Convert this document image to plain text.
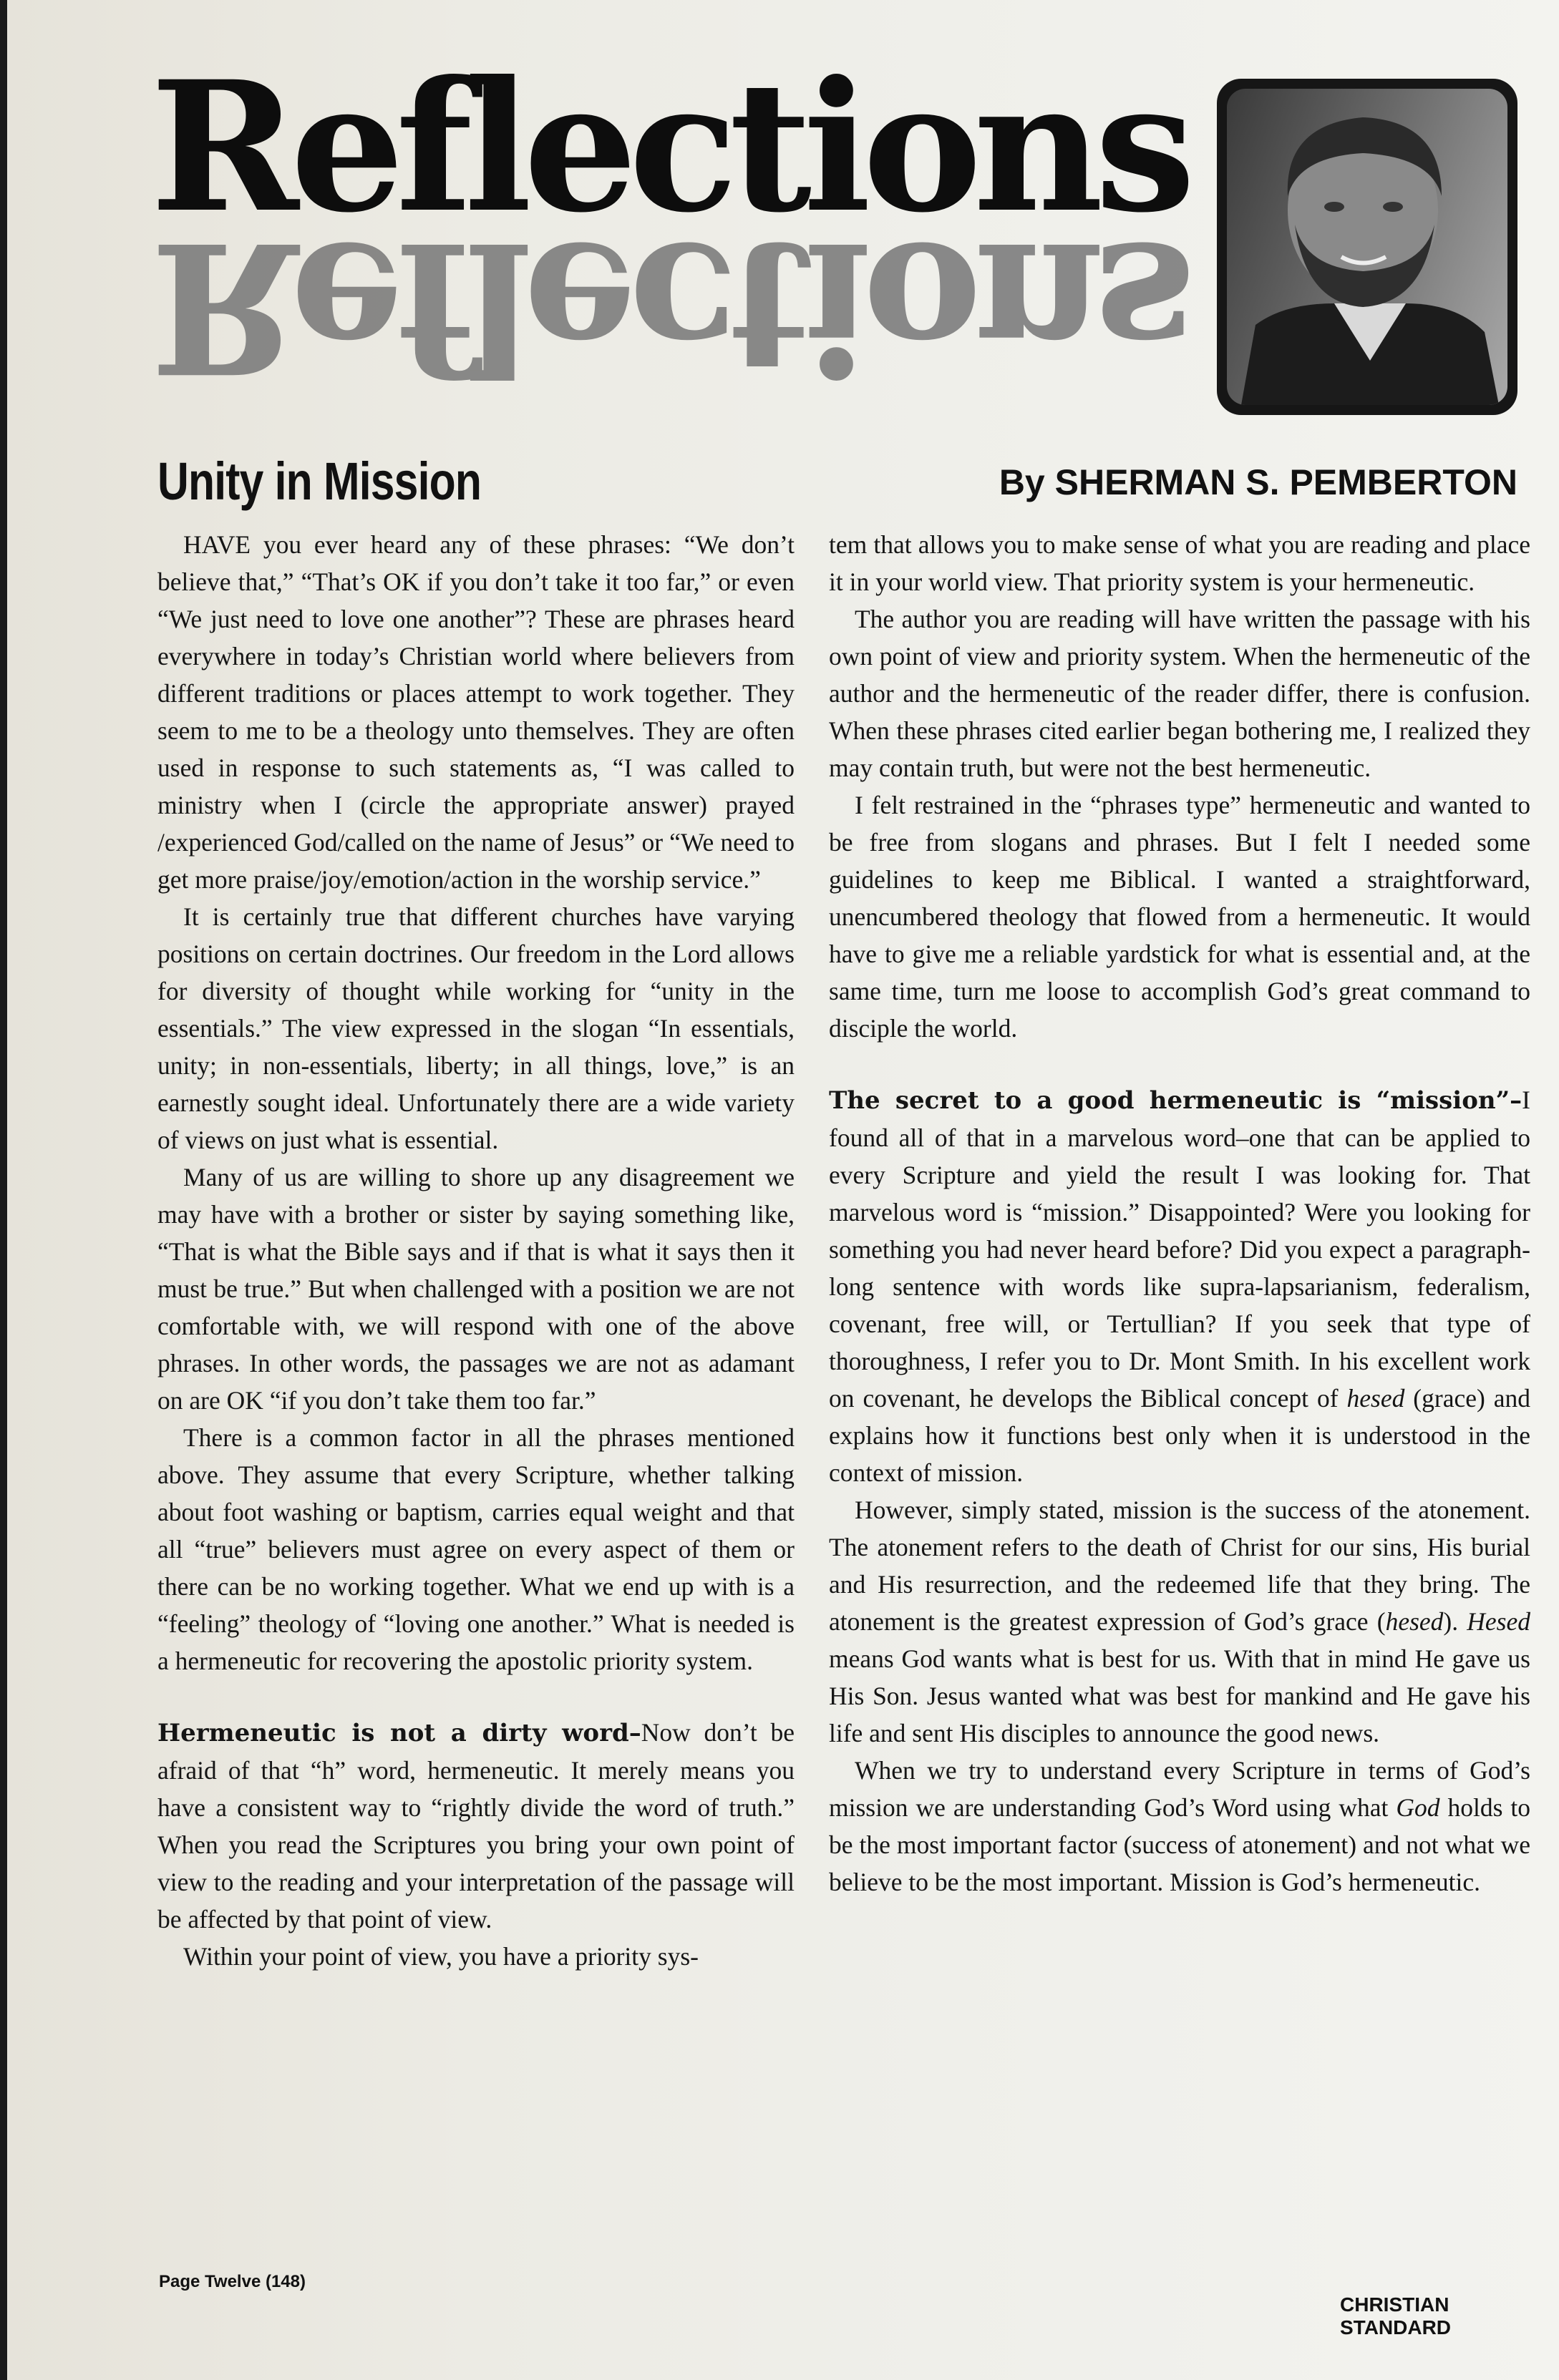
Reflections
Reflections
Unity in Mission	By SHERMAN S. PEMBERTON

HAVE you ever heard any of these phrases: “We don’t believe that,” “That’s OK if you don’t take it too far,” or even “We just need to love one another”? These are phrases heard everywhere in today’s Christian world where believers from different traditions or places attempt to work together. They seem to me to be a theology unto themselves. They are often used in response to such statements as, “I was called to ministry when I (circle the appropriate answer) prayed /experienced God/called on the name of Jesus” or “We need to get more praise/joy/emotion/action in the worship service.”

It is certainly true that different churches have varying positions on certain doctrines. Our freedom in the Lord allows for diversity of thought while working for “unity in the essentials.” The view expressed in the slogan “In essentials, unity; in non-essentials, liberty; in all things, love,” is an earnestly sought ideal. Unfortunately there are a wide variety of views on just what is essential.

Many of us are willing to shore up any disagreement we may have with a brother or sister by saying something like, “That is what the Bible says and if that is what it says then it must be true.” But when challenged with a position we are not comfortable with, we will respond with one of the above phrases. In other words, the passages we are not as adamant on are OK “if you don’t take them too far.”

There is a common factor in all the phrases mentioned above. They assume that every Scripture, whether talking about foot washing or baptism, carries equal weight and that all “true” believers must agree on every aspect of them or there can be no working together. What we end up with is a “feeling” theology of “loving one another.” What is needed is a hermeneutic for recovering the apostolic priority system.

Hermeneutic is not a dirty word–Now don’t be afraid of that “h” word, hermeneutic. It merely means you have a consistent way to “rightly divide the word of truth.” When you read the Scriptures you bring your own point of view to the reading and your interpretation of the passage will be affected by that point of view.

Within your point of view, you have a priority sys-

tem that allows you to make sense of what you are reading and place it in your world view. That priority system is your hermeneutic.

The author you are reading will have written the passage with his own point of view and priority system. When the hermeneutic of the author and the hermeneutic of the reader differ, there is confusion. When these phrases cited earlier began bothering me, I realized they may contain truth, but were not the best hermeneutic.

I felt restrained in the “phrases type” hermeneutic and wanted to be free from slogans and phrases. But I felt I needed some guidelines to keep me Biblical. I wanted a straightforward, unencumbered theology that flowed from a hermeneutic. It would have to give me a reliable yardstick for what is essential and, at the same time, turn me loose to accomplish God’s great command to disciple the world.

The secret to a good hermeneutic is “mission”–I found all of that in a marvelous word–one that can be applied to every Scripture and yield the result I was looking for. That marvelous word is “mission.” Disappointed? Were you looking for something you had never heard before? Did you expect a paragraph-long sentence with words like supra-lapsarianism, federalism, covenant, free will, or Tertullian? If you seek that type of thoroughness, I refer you to Dr. Mont Smith. In his excellent work on covenant, he develops the Biblical concept of hesed (grace) and explains how it functions best only when it is understood in the context of mission.

However, simply stated, mission is the success of the atonement. The atonement refers to the death of Christ for our sins, His burial and His resurrection, and the redeemed life that they bring. The atonement is the greatest expression of God’s grace (hesed). Hesed means God wants what is best for us. With that in mind He gave us His Son. Jesus wanted what was best for mankind and He gave his life and sent His disciples to announce the good news.

When we try to understand every Scripture in terms of God’s mission we are understanding God’s Word using what God holds to be the most important factor (success of atonement) and not what we believe to be the most important. Mission is God’s hermeneutic.

Page Twelve (148)
CHRISTIAN STANDARD
